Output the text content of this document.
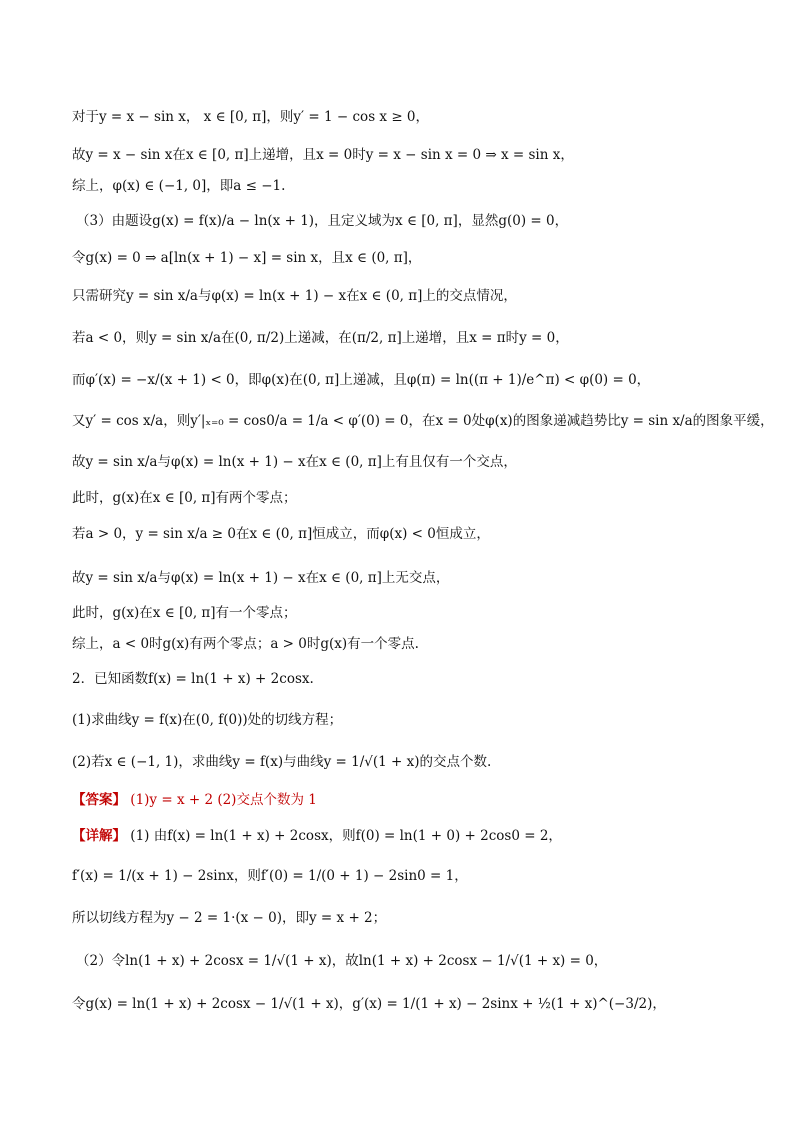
对于y = x − sin x， x ∈ [0, π]，则y′ = 1 − cos x ≥ 0，
故y = x − sin x在x ∈ [0, π]上递增，且x = 0时y = x − sin x = 0 ⇒ x = sin x，
综上，φ(x) ∈ (−1, 0]，即a ≤ −1.
（3）由题设g(x) = f(x)/a − ln(x + 1)，且定义域为x ∈ [0, π]，显然g(0) = 0，
令g(x) = 0 ⇒ a[ln(x + 1) − x] = sin x，且x ∈ (0, π]，
只需研究y = sin x/a与φ(x) = ln(x + 1) − x在x ∈ (0, π]上的交点情况，
若a < 0，则y = sin x/a在(0, π/2)上递减，在(π/2, π]上递增，且x = π时y = 0，
而φ′(x) = −x/(x + 1) < 0，即φ(x)在(0, π]上递减，且φ(π) = ln((π + 1)/e^π) < φ(0) = 0，
又y′ = cos x/a，则y′|ₓ₌₀ = cos0/a = 1/a < φ′(0) = 0，在x = 0处φ(x)的图象递减趋势比y = sin x/a的图象平缓，
故y = sin x/a与φ(x) = ln(x + 1) − x在x ∈ (0, π]上有且仅有一个交点，
此时，g(x)在x ∈ [0, π]有两个零点；
若a > 0，y = sin x/a ≥ 0在x ∈ (0, π]恒成立，而φ(x) < 0恒成立，
故y = sin x/a与φ(x) = ln(x + 1) − x在x ∈ (0, π]上无交点，
此时，g(x)在x ∈ [0, π]有一个零点；
综上，a < 0时g(x)有两个零点；a > 0时g(x)有一个零点.
2．已知函数f(x) = ln(1 + x) + 2cosx.
(1)求曲线y = f(x)在(0, f(0))处的切线方程；
(2)若x ∈ (−1, 1)，求曲线y = f(x)与曲线y = 1/√(1 + x)的交点个数.
【答案】 (1)y = x + 2 (2)交点个数为 1
【详解】 (1) 由f(x) = ln(1 + x) + 2cosx，则f(0) = ln(1 + 0) + 2cos0 = 2，
f′(x) = 1/(x + 1) − 2sinx，则f′(0) = 1/(0 + 1) − 2sin0 = 1，
所以切线方程为y − 2 = 1·(x − 0)，即y = x + 2；
（2）令ln(1 + x) + 2cosx = 1/√(1 + x)，故ln(1 + x) + 2cosx − 1/√(1 + x) = 0，
令g(x) = ln(1 + x) + 2cosx − 1/√(1 + x)，g′(x) = 1/(1 + x) − 2sinx + ½(1 + x)^(−3/2)，
